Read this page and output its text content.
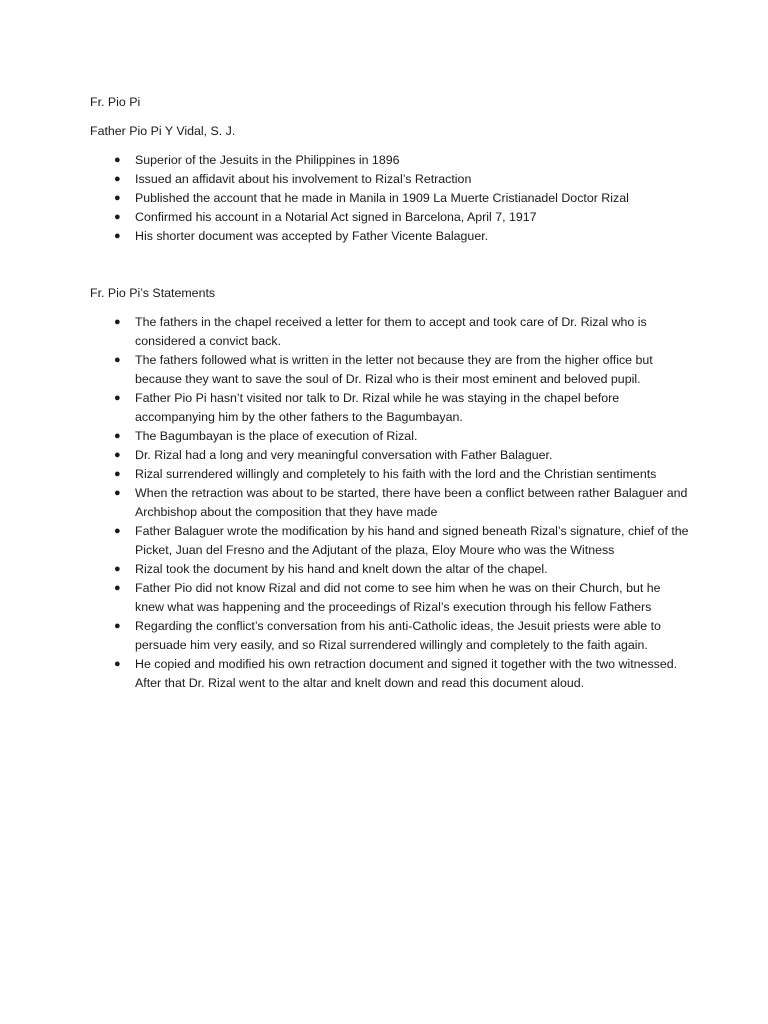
Fr. Pio Pi

Father Pio Pi Y Vidal, S. J.

● Superior of the Jesuits in the Philippines in 1896
● Issued an affidavit about his involvement to Rizal’s Retraction
● Published the account that he made in Manila in 1909 La Muerte Cristianadel Doctor Rizal
● Confirmed his account in a Notarial Act signed in Barcelona, April 7, 1917
● His shorter document was accepted by Father Vicente Balaguer.

Fr. Pio Pi’s Statements

● The fathers in the chapel received a letter for them to accept and took care of Dr. Rizal who is considered a convict back.
● The fathers followed what is written in the letter not because they are from the higher office but because they want to save the soul of Dr. Rizal who is their most eminent and beloved pupil.
● Father Pio Pi hasn’t visited nor talk to Dr. Rizal while he was staying in the chapel before accompanying him by the other fathers to the Bagumbayan.
● The Bagumbayan is the place of execution of Rizal.
● Dr. Rizal had a long and very meaningful conversation with Father Balaguer.
● Rizal surrendered willingly and completely to his faith with the lord and the Christian sentiments
● When the retraction was about to be started, there have been a conflict between rather Balaguer and Archbishop about the composition that they have made
● Father Balaguer wrote the modification by his hand and signed beneath Rizal’s signature, chief of the Picket, Juan del Fresno and the Adjutant of the plaza, Eloy Moure who was the Witness
● Rizal took the document by his hand and knelt down the altar of the chapel.
● Father Pio did not know Rizal and did not come to see him when he was on their Church, but he knew what was happening and the proceedings of Rizal’s execution through his fellow Fathers
● Regarding the conflict’s conversation from his anti-Catholic ideas, the Jesuit priests were able to persuade him very easily, and so Rizal surrendered willingly and completely to the faith again.
● He copied and modified his own retraction document and signed it together with the two witnessed. After that Dr. Rizal went to the altar and knelt down and read this document aloud.
